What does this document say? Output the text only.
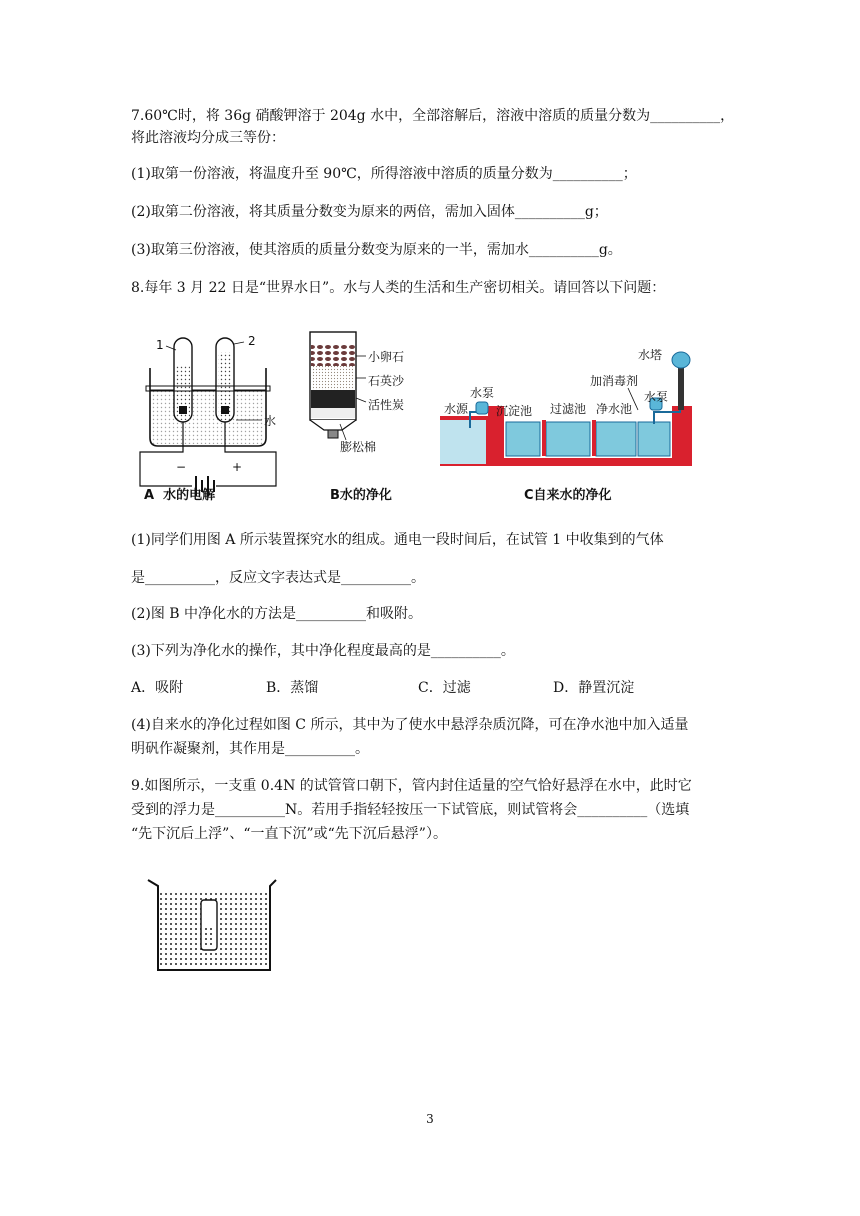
7.60℃时，将 36g 硝酸钾溶于 204g 水中，全部溶解后，溶液中溶质的质量分数为__________，
将此溶液均分成三等份：
(1)取第一份溶液，将温度升至 90℃，所得溶液中溶质的质量分数为__________；
(2)取第二份溶液，将其质量分数变为原来的两倍，需加入固体__________g；
(3)取第三份溶液，使其溶质的质量分数变为原来的一半，需加水__________g。
8.每年 3 月 22 日是“世界水日”。水与人类的生活和生产密切相关。请回答以下问题：
1	2
水
−	+
A  水的电解
小卵石
石英沙
活性炭
膨松棉
B水的净化
水塔
加消毒剂
水泵	水泵
水源 沉淀池 过滤池 净水池
C自来水的净化
(1)同学们用图 A 所示装置探究水的组成。通电一段时间后，在试管 1 中收集到的气体
是__________，反应文字表达式是__________。
(2)图 B 中净化水的方法是__________和吸附。
(3)下列为净化水的操作，其中净化程度最高的是__________。
A．吸附	B．蒸馏	C．过滤	D．静置沉淀
(4)自来水的净化过程如图 C 所示，其中为了使水中悬浮杂质沉降，可在净水池中加入适量
明矾作凝聚剂，其作用是__________。
9.如图所示，一支重 0.4N 的试管管口朝下，管内封住适量的空气恰好悬浮在水中，此时它
受到的浮力是__________N。若用手指轻轻按压一下试管底，则试管将会__________（选填
“先下沉后上浮”、“一直下沉”或“先下沉后悬浮”）。
3
